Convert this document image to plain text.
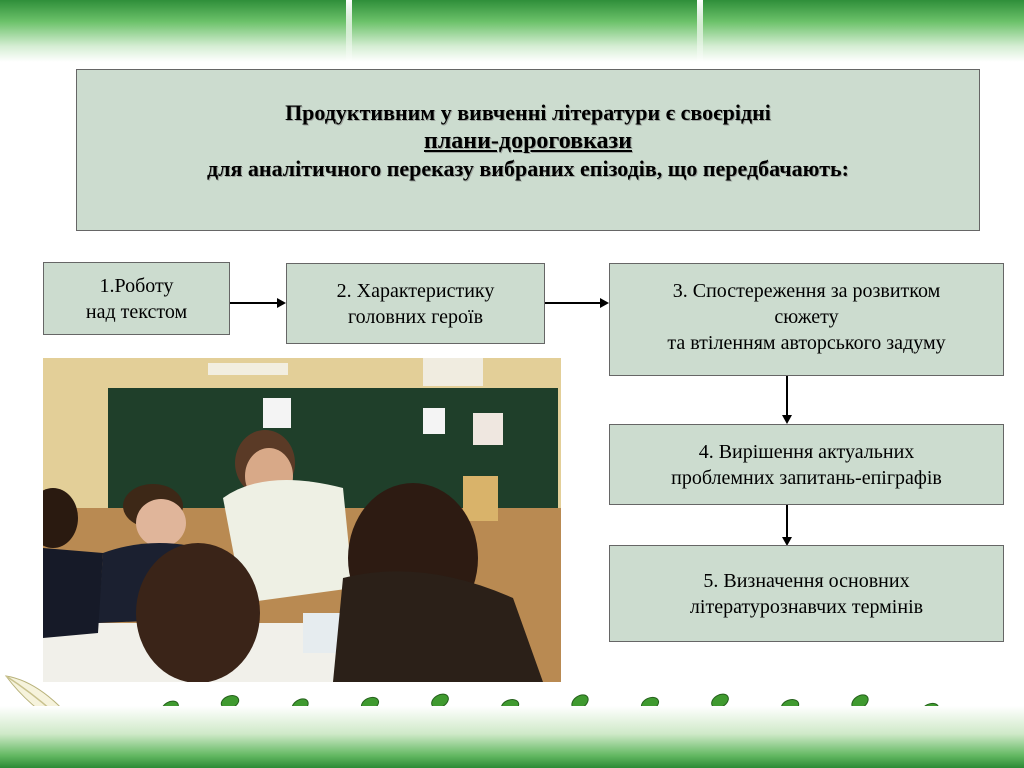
Продуктивним у вивченні літератури є своєрідні
плани-дороговкази
для аналітичного переказу вибраних епізодів, що передбачають:
1.Роботу
над текстом
2. Характеристику
головних героїв
3. Спостереження за розвитком
сюжету
та втіленням авторського задуму
4. Вирішення актуальних
проблемних запитань-епіграфів
5. Визначення основних
літературознавчих термінів
